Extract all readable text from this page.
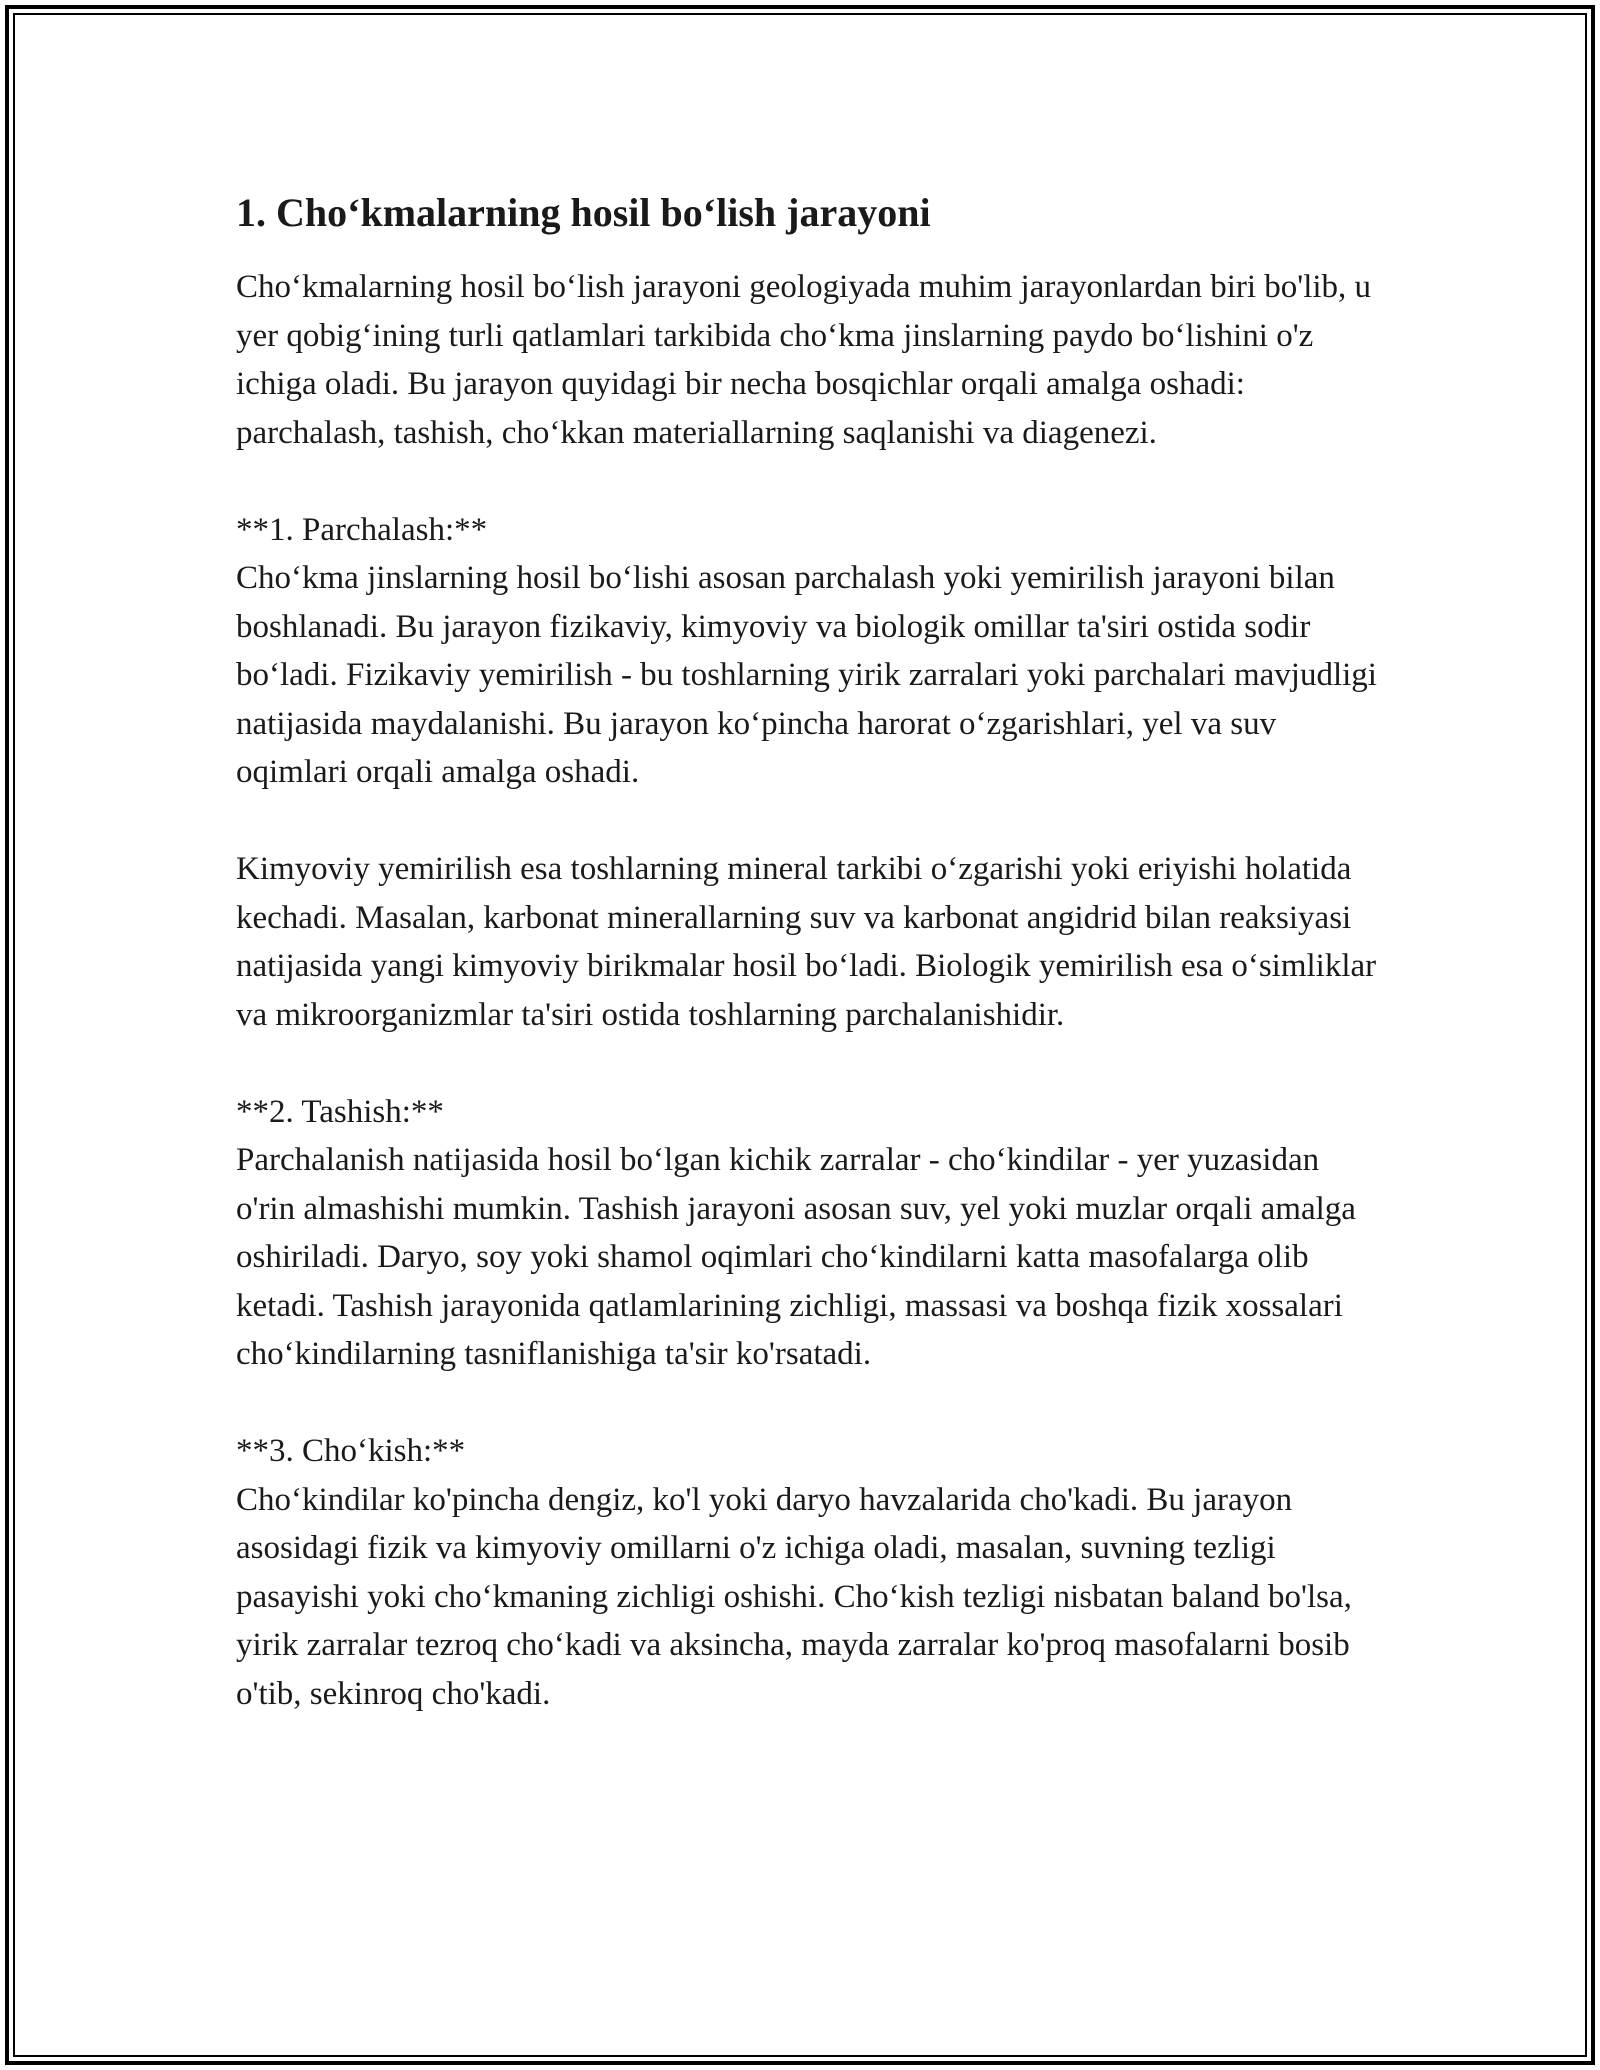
1. Cho‘kmalarning hosil bo‘lish jarayoni

Cho‘kmalarning hosil bo‘lish jarayoni geologiyada muhim jarayonlardan biri bo'lib, u yer qobig‘ining turli qatlamlari tarkibida cho‘kma jinslarning paydo bo‘lishini o'z ichiga oladi. Bu jarayon quyidagi bir necha bosqichlar orqali amalga oshadi: parchalash, tashish, cho‘kkan materiallarning saqlanishi va diagenezi.

**1. Parchalash:**
Cho‘kma jinslarning hosil bo‘lishi asosan parchalash yoki yemirilish jarayoni bilan boshlanadi. Bu jarayon fizikaviy, kimyoviy va biologik omillar ta'siri ostida sodir bo‘ladi. Fizikaviy yemirilish - bu toshlarning yirik zarralari yoki parchalari mavjudligi natijasida maydalanishi. Bu jarayon ko‘pincha harorat o‘zgarishlari, yel va suv oqimlari orqali amalga oshadi.

Kimyoviy yemirilish esa toshlarning mineral tarkibi o‘zgarishi yoki eriyishi holatida kechadi. Masalan, karbonat minerallarning suv va karbonat angidrid bilan reaksiyasi natijasida yangi kimyoviy birikmalar hosil bo‘ladi. Biologik yemirilish esa o‘simliklar va mikroorganizmlar ta'siri ostida toshlarning parchalanishidir.

**2. Tashish:**
Parchalanish natijasida hosil bo‘lgan kichik zarralar - cho‘kindilar - yer yuzasidan o'rin almashishi mumkin. Tashish jarayoni asosan suv, yel yoki muzlar orqali amalga oshiriladi. Daryo, soy yoki shamol oqimlari cho‘kindilarni katta masofalarga olib ketadi. Tashish jarayonida qatlamlarining zichligi, massasi va boshqa fizik xossalari cho‘kindilarning tasniflanishiga ta'sir ko'rsatadi.

**3. Cho‘kish:**
Cho‘kindilar ko'pincha dengiz, ko'l yoki daryo havzalarida cho'kadi. Bu jarayon asosidagi fizik va kimyoviy omillarni o'z ichiga oladi, masalan, suvning tezligi pasayishi yoki cho‘kmaning zichligi oshishi. Cho‘kish tezligi nisbatan baland bo'lsa, yirik zarralar tezroq cho‘kadi va aksincha, mayda zarralar ko'proq masofalarni bosib o'tib, sekinroq cho'kadi.
